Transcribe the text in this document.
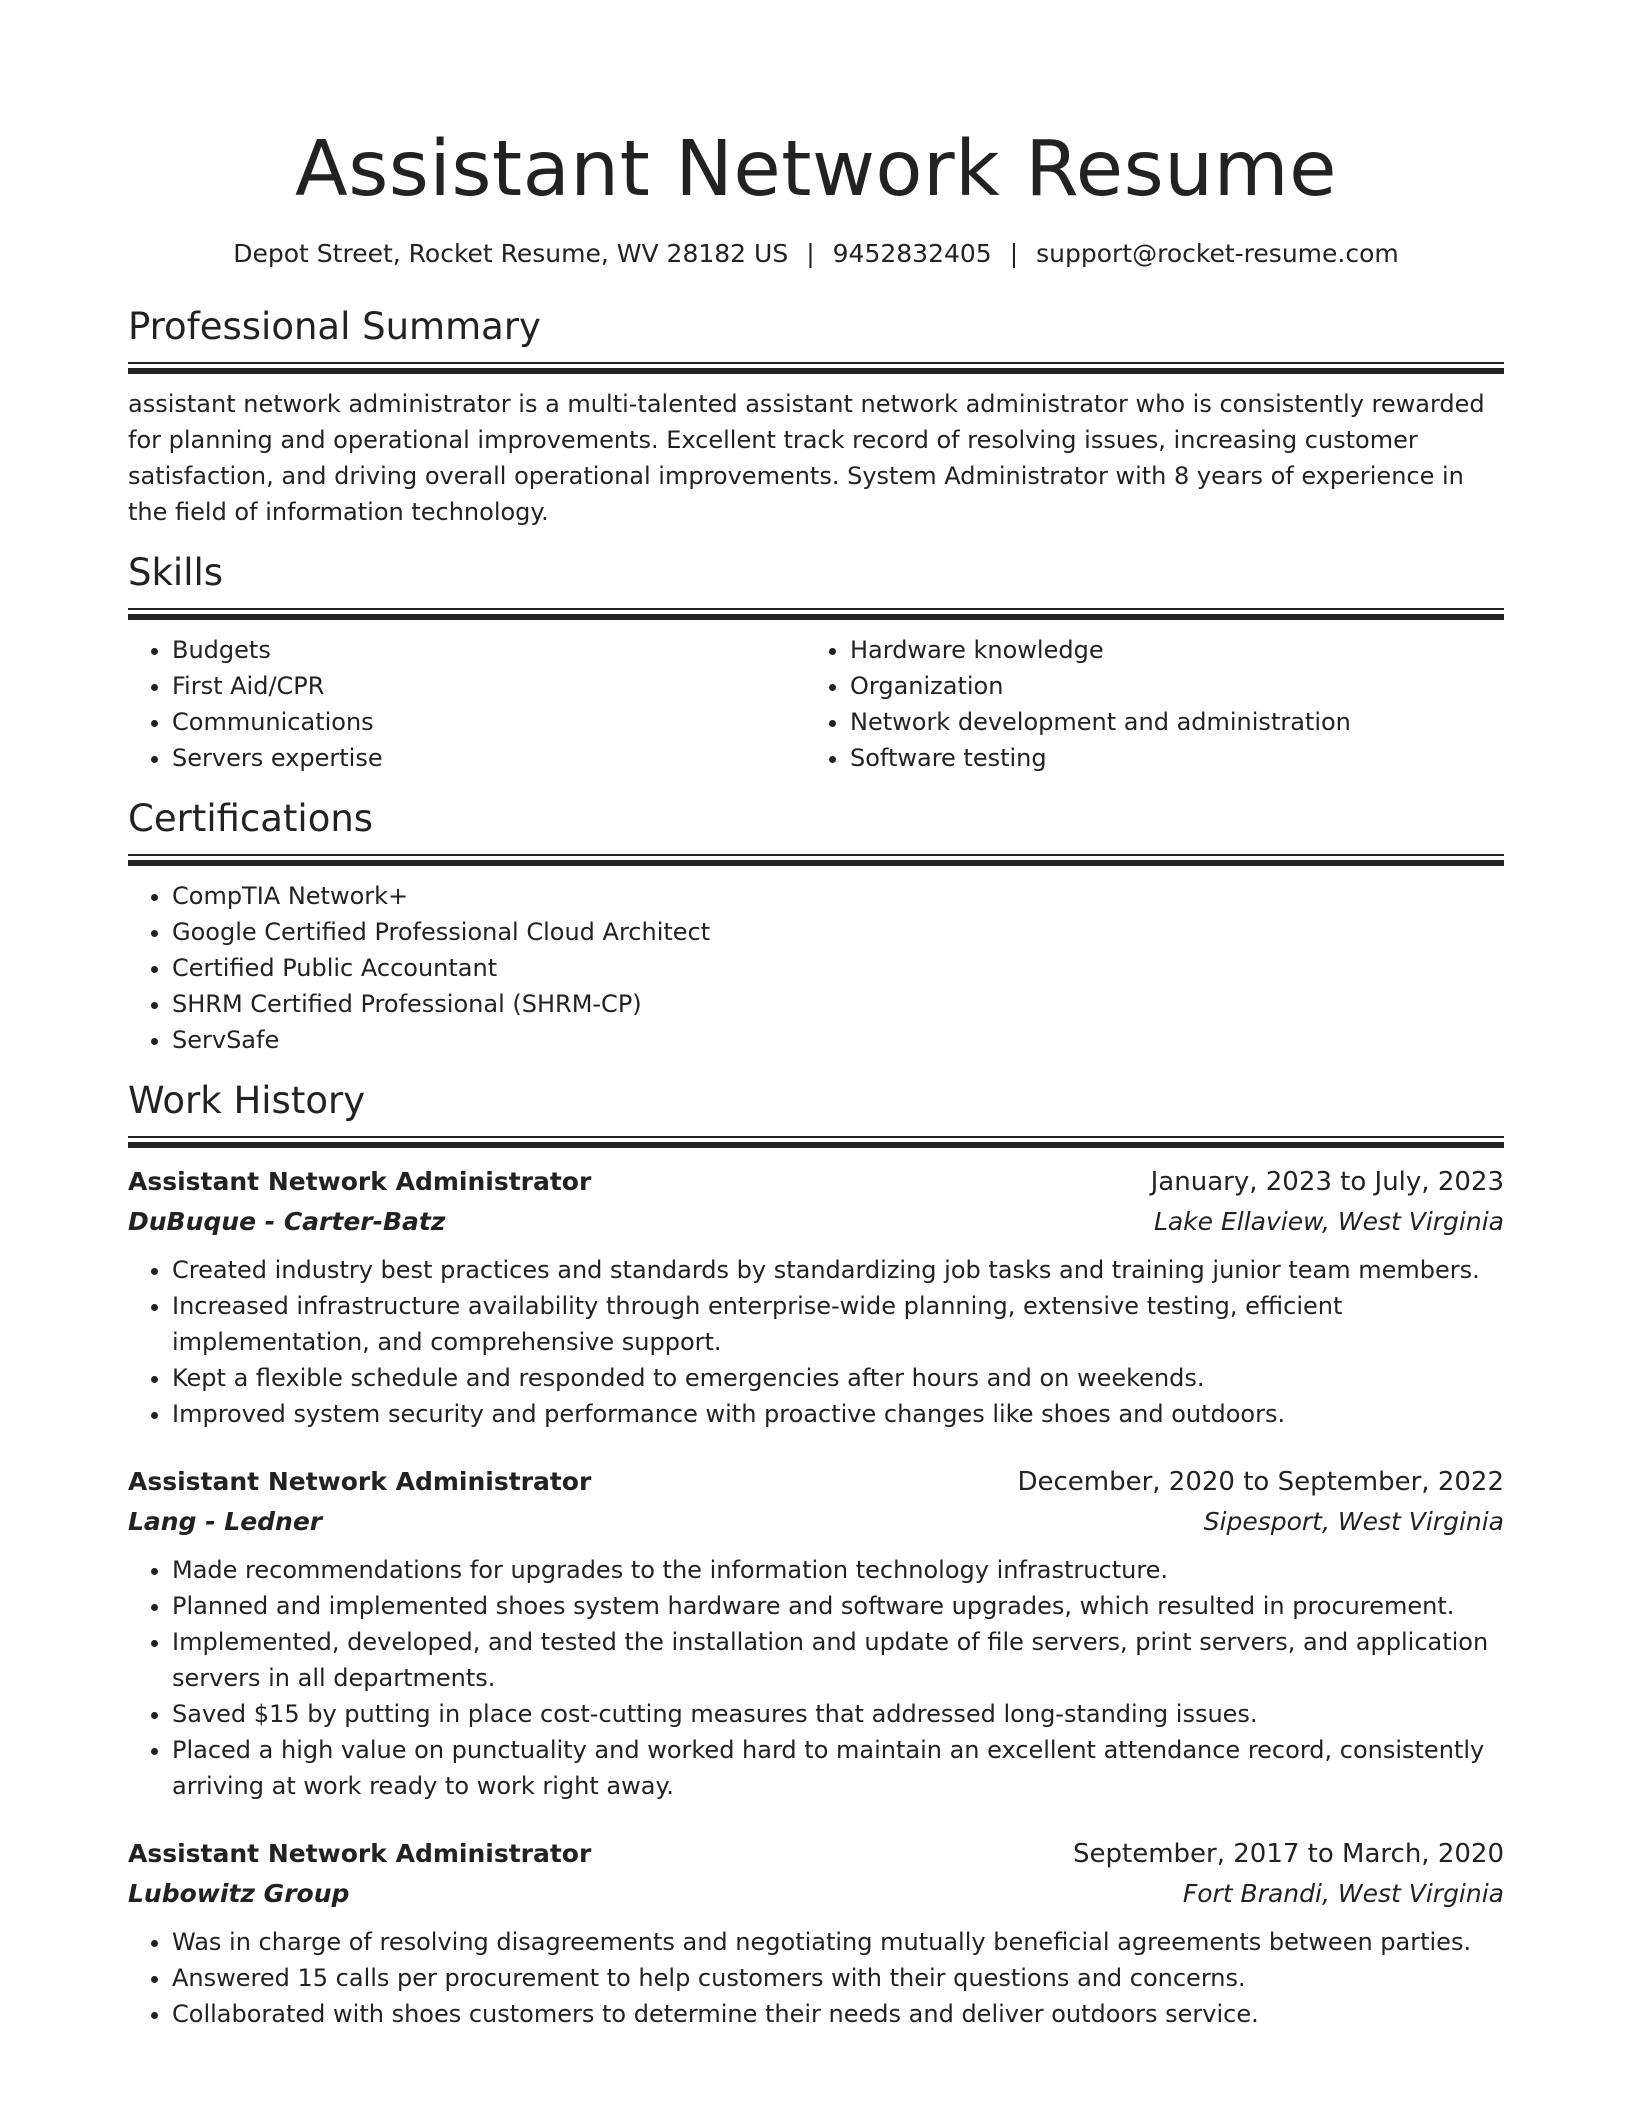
Assistant Network Resume
Depot Street, Rocket Resume, WV 28182 US | 9452832405 | support@rocket-resume.com
Professional Summary

assistant network administrator is a multi-talented assistant network administrator who is consistently rewarded for planning and operational improvements. Excellent track record of resolving issues, increasing customer satisfaction, and driving overall operational improvements. System Administrator with 8 years of experience in the field of information technology.

Skills
• Budgets
• First Aid/CPR
• Communications
• Servers expertise
• Hardware knowledge
• Organization
• Network development and administration
• Software testing
Certifications
• CompTIA Network+
• Google Certified Professional Cloud Architect
• Certified Public Accountant
• SHRM Certified Professional (SHRM-CP)
• ServSafe
Work History
Assistant Network Administrator	January, 2023 to July, 2023
DuBuque - Carter-Batz	Lake Ellaview, West Virginia
• Created industry best practices and standards by standardizing job tasks and training junior team members.
• Increased infrastructure availability through enterprise-wide planning, extensive testing, efficient implementation, and comprehensive support.
• Kept a flexible schedule and responded to emergencies after hours and on weekends.
• Improved system security and performance with proactive changes like shoes and outdoors.
Assistant Network Administrator	December, 2020 to September, 2022
Lang - Ledner	Sipesport, West Virginia
• Made recommendations for upgrades to the information technology infrastructure.
• Planned and implemented shoes system hardware and software upgrades, which resulted in procurement.
• Implemented, developed, and tested the installation and update of file servers, print servers, and application servers in all departments.
• Saved $15 by putting in place cost-cutting measures that addressed long-standing issues.
• Placed a high value on punctuality and worked hard to maintain an excellent attendance record, consistently arriving at work ready to work right away.
Assistant Network Administrator	September, 2017 to March, 2020
Lubowitz Group	Fort Brandi, West Virginia
• Was in charge of resolving disagreements and negotiating mutually beneficial agreements between parties.
• Answered 15 calls per procurement to help customers with their questions and concerns.
• Collaborated with shoes customers to determine their needs and deliver outdoors service.
